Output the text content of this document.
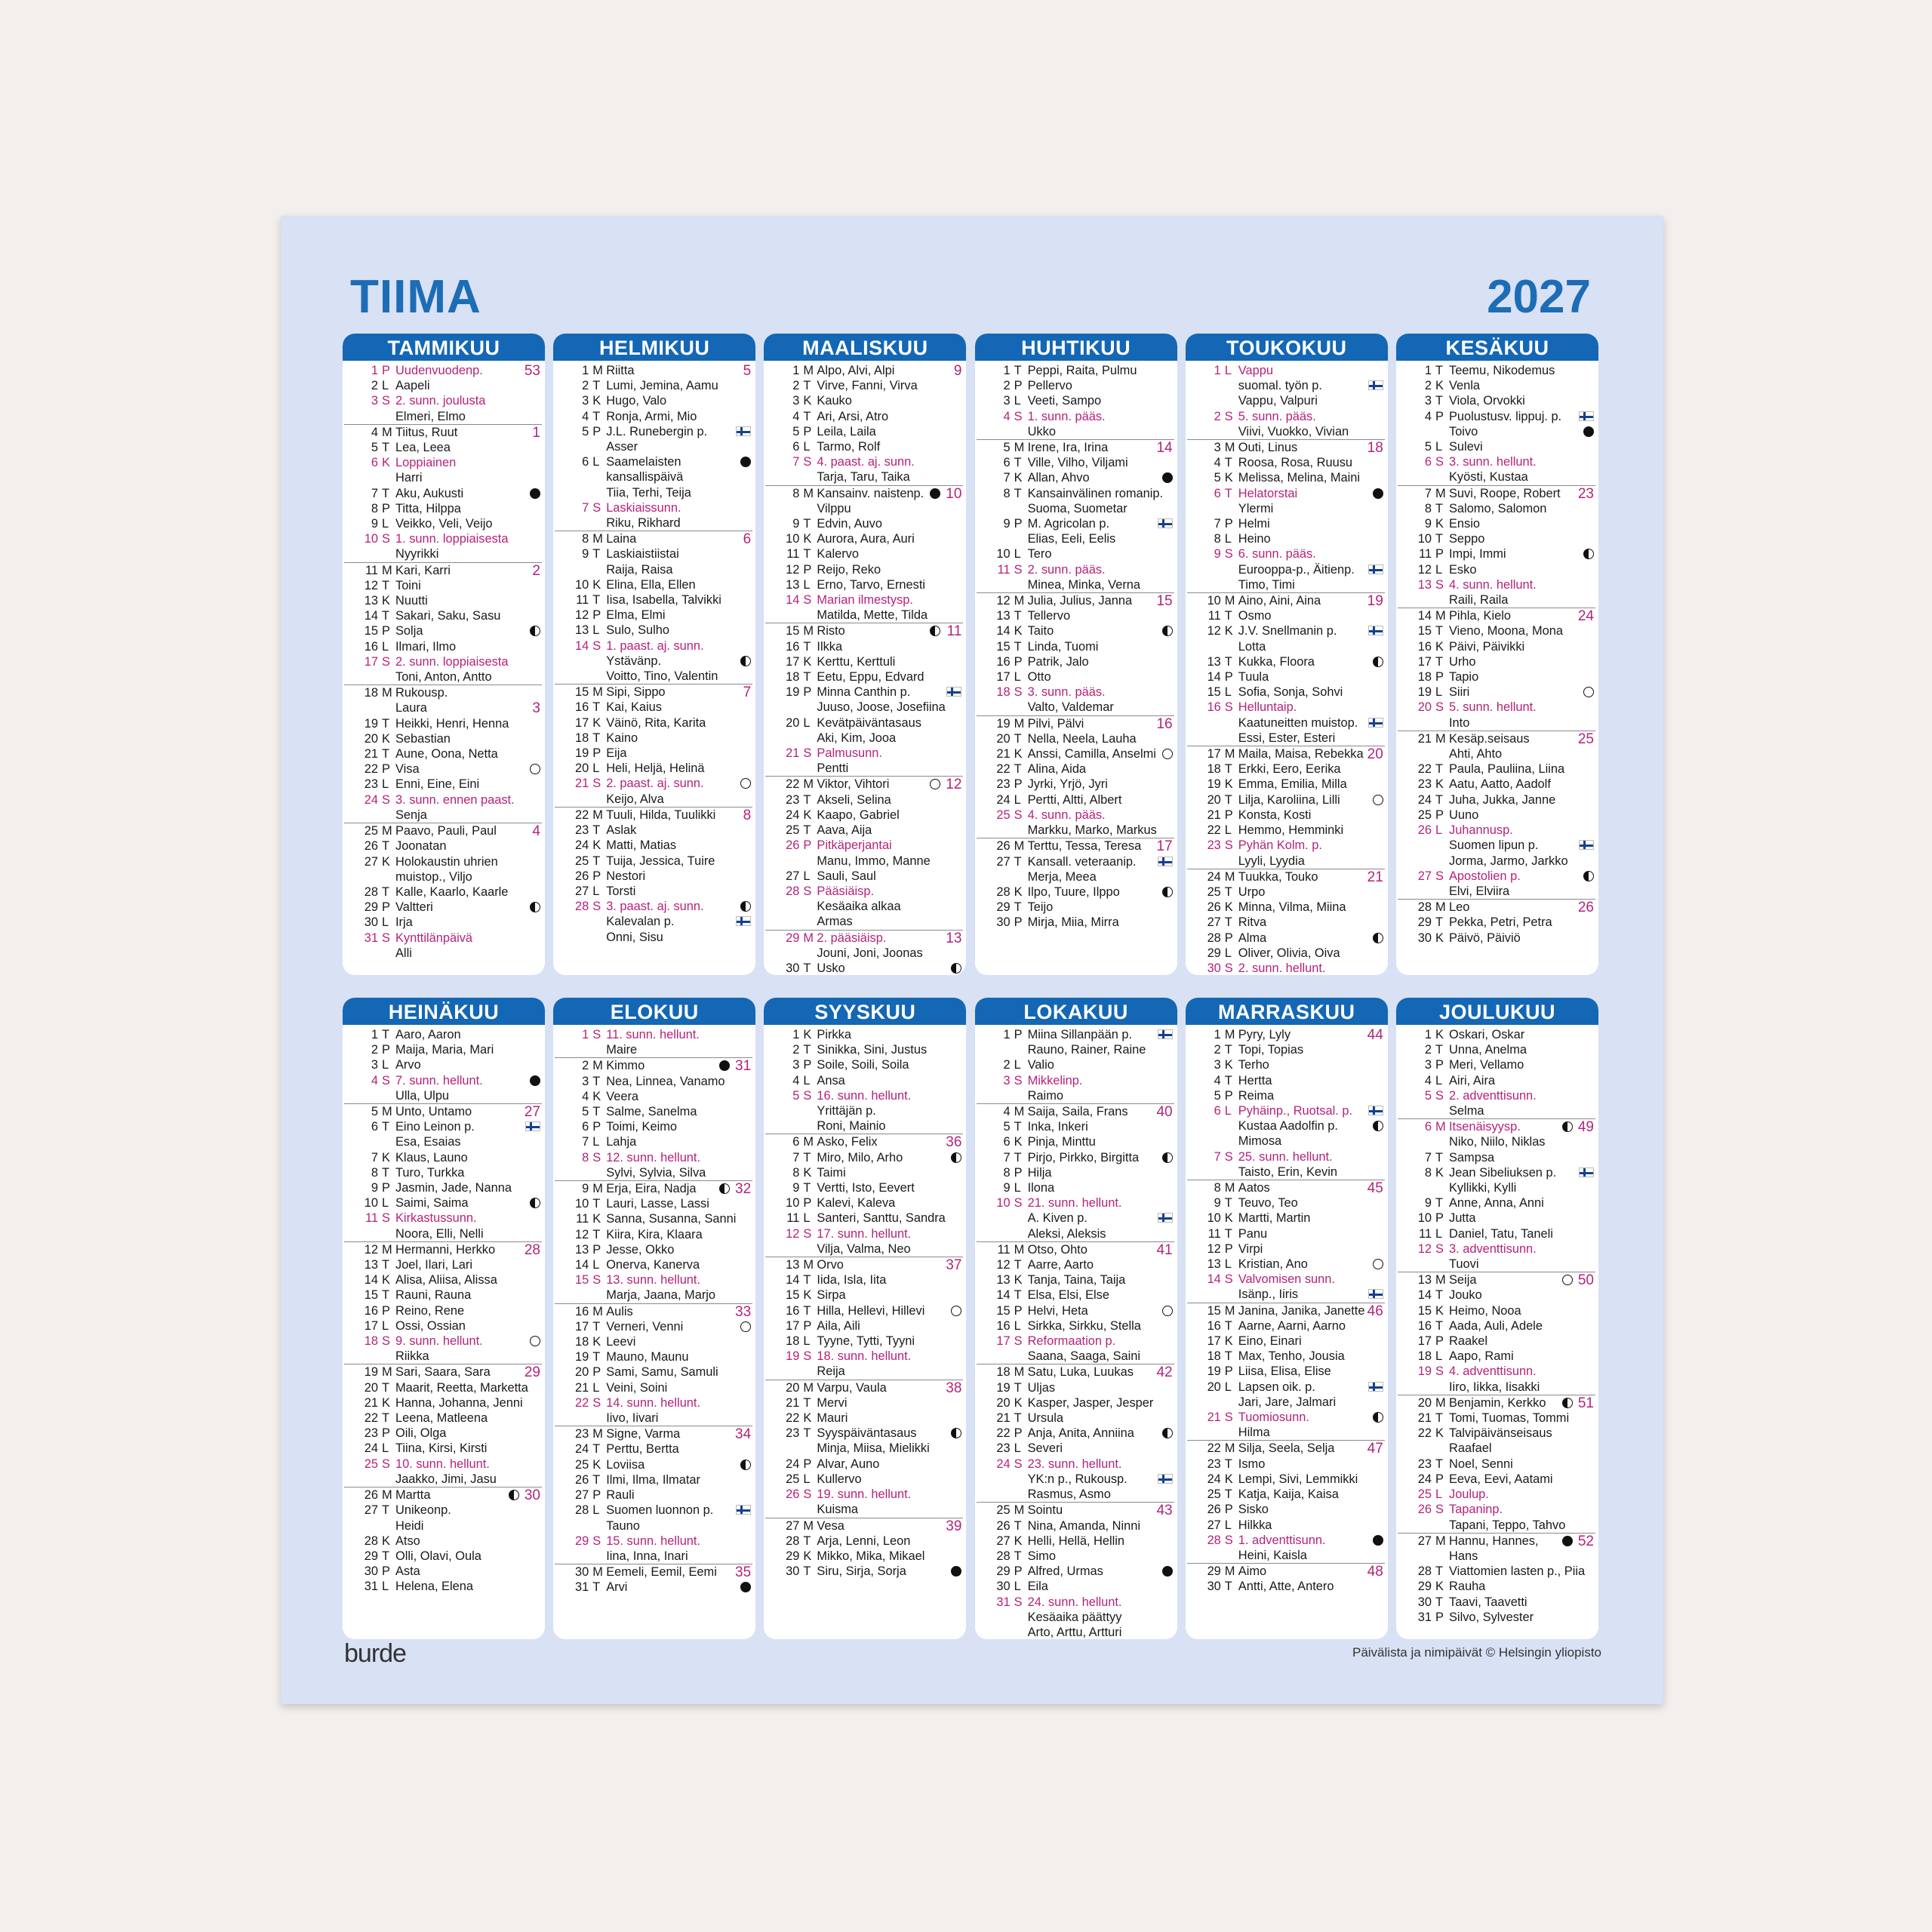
TIIMA	2027
TAMMIKUU
1 P Uudenvuodenp.	53
2 L Aapeli
3 S 2. sunn. joulusta
Elmeri, Elmo
4 M Tiitus, Ruut	1
5 T Lea, Leea
6 K Loppiainen
Harri
7 T Aku, Aukusti
8 P Titta, Hilppa
9 L Veikko, Veli, Veijo
10 S 1. sunn. loppiaisesta
Nyyrikki
11 M Kari, Karri	2
12 T Toini
13 K Nuutti
14 T Sakari, Saku, Sasu
15 P Solja
16 L Ilmari, Ilmo
17 S 2. sunn. loppiaisesta
Toni, Anton, Antto
18 M Rukousp.
Laura	3
19 T Heikki, Henri, Henna
20 K Sebastian
21 T Aune, Oona, Netta
22 P Visa
23 L Enni, Eine, Eini
24 S 3. sunn. ennen paast.
Senja
25 M Paavo, Pauli, Paul	4
26 T Joonatan
27 K Holokaustin uhrien
muistop., Viljo
28 T Kalle, Kaarlo, Kaarle
29 P Valtteri
30 L Irja
31 S Kynttilänpäivä
Alli
HELMIKUU
1 M Riitta	5
2 T Lumi, Jemina, Aamu
3 K Hugo, Valo
4 T Ronja, Armi, Mio
5 P J.L. Runebergin p.
Asser
6 L Saamelaisten
kansallispäivä
Tiia, Terhi, Teija
7 S Laskiaissunn.
Riku, Rikhard
8 M Laina	6
9 T Laskiaistiistai
Raija, Raisa
10 K Elina, Ella, Ellen
11 T Iisa, Isabella, Talvikki
12 P Elma, Elmi
13 L Sulo, Sulho
14 S 1. paast. aj. sunn.
Ystävänp.
Voitto, Tino, Valentin
15 M Sipi, Sippo	7
16 T Kai, Kaius
17 K Väinö, Rita, Karita
18 T Kaino
19 P Eija
20 L Heli, Heljä, Helinä
21 S 2. paast. aj. sunn.
Keijo, Alva
22 M Tuuli, Hilda, Tuulikki	8
23 T Aslak
24 K Matti, Matias
25 T Tuija, Jessica, Tuire
26 P Nestori
27 L Torsti
28 S 3. paast. aj. sunn.
Kalevalan p.
Onni, Sisu
MAALISKUU
1 M Alpo, Alvi, Alpi	9
2 T Virve, Fanni, Virva
3 K Kauko
4 T Ari, Arsi, Atro
5 P Leila, Laila
6 L Tarmo, Rolf
7 S 4. paast. aj. sunn.
Tarja, Taru, Taika
8 M Kansainv. naistenp.	10
Vilppu
9 T Edvin, Auvo
10 K Aurora, Aura, Auri
11 T Kalervo
12 P Reijo, Reko
13 L Erno, Tarvo, Ernesti
14 S Marian ilmestysp.
Matilda, Mette, Tilda
15 M Risto	11
16 T Ilkka
17 K Kerttu, Kerttuli
18 T Eetu, Eppu, Edvard
19 P Minna Canthin p.
Juuso, Joose, Josefiina
20 L Kevätpäiväntasaus
Aki, Kim, Jooa
21 S Palmusunn.
Pentti
22 M Viktor, Vihtori	12
23 T Akseli, Selina
24 K Kaapo, Gabriel
25 T Aava, Aija
26 P Pitkäperjantai
Manu, Immo, Manne
27 L Sauli, Saul
28 S Pääsiäisp.
Kesäaika alkaa
Armas
29 M 2. pääsiäisp.	13
Jouni, Joni, Joonas
30 T Usko
HUHTIKUU
1 T Peppi, Raita, Pulmu
2 P Pellervo
3 L Veeti, Sampo
4 S 1. sunn. pääs.
Ukko
5 M Irene, Ira, Irina	14
6 T Ville, Vilho, Viljami
7 K Allan, Ahvo
8 T Kansainvälinen romanip.
Suoma, Suometar
9 P M. Agricolan p.
Elias, Eeli, Eelis
10 L Tero
11 S 2. sunn. pääs.
Minea, Minka, Verna
12 M Julia, Julius, Janna	15
13 T Tellervo
14 K Taito
15 T Linda, Tuomi
16 P Patrik, Jalo
17 L Otto
18 S 3. sunn. pääs.
Valto, Valdemar
19 M Pilvi, Pälvi	16
20 T Nella, Neela, Lauha
21 K Anssi, Camilla, Anselmi
22 T Alina, Aida
23 P Jyrki, Yrjö, Jyri
24 L Pertti, Altti, Albert
25 S 4. sunn. pääs.
Markku, Marko, Markus
26 M Terttu, Tessa, Teresa	17
27 T Kansall. veteraanip.
Merja, Meea
28 K Ilpo, Tuure, Ilppo
29 T Teijo
30 P Mirja, Miia, Mirra
TOUKOKUU
1 L Vappu
suomal. työn p.
Vappu, Valpuri
2 S 5. sunn. pääs.
Viivi, Vuokko, Vivian
3 M Outi, Linus	18
4 T Roosa, Rosa, Ruusu
5 K Melissa, Melina, Maini
6 T Helatorstai
Ylermi
7 P Helmi
8 L Heino
9 S 6. sunn. pääs.
Eurooppa-p., Äitienp.
Timo, Timi
10 M Aino, Aini, Aina	19
11 T Osmo
12 K J.V. Snellmanin p.
Lotta
13 T Kukka, Floora
14 P Tuula
15 L Sofia, Sonja, Sohvi
16 S Helluntaip.
Kaatuneitten muistop.
Essi, Ester, Esteri
17 M Maila, Maisa, Rebekka 20
18 T Erkki, Eero, Eerika
19 K Emma, Emilia, Milla
20 T Lilja, Karoliina, Lilli
21 P Konsta, Kosti
22 L Hemmo, Hemminki
23 S Pyhän Kolm. p.
Lyyli, Lyydia
24 M Tuukka, Touko	21
25 T Urpo
26 K Minna, Vilma, Miina
27 T Ritva
28 P Alma
29 L Oliver, Olivia, Oiva
30 S 2. sunn. hellunt.
KESÄKUU
1 T Teemu, Nikodemus
2 K Venla
3 T Viola, Orvokki
4 P Puolustusv. lippuj. p.
Toivo
5 L Sulevi
6 S 3. sunn. hellunt.
Kyösti, Kustaa
7 M Suvi, Roope, Robert	23
8 T Salomo, Salomon
9 K Ensio
10 T Seppo
11 P Impi, Immi
12 L Esko
13 S 4. sunn. hellunt.
Raili, Raila
14 M Pihla, Kielo	24
15 T Vieno, Moona, Mona
16 K Päivi, Päivikki
17 T Urho
18 P Tapio
19 L Siiri
20 S 5. sunn. hellunt.
Into
21 M Kesäp.seisaus	25
Ahti, Ahto
22 T Paula, Pauliina, Liina
23 K Aatu, Aatto, Aadolf
24 T Juha, Jukka, Janne
25 P Uuno
26 L Juhannusp.
Suomen lipun p.
Jorma, Jarmo, Jarkko
27 S Apostolien p.
Elvi, Elviira
28 M Leo	26
29 T Pekka, Petri, Petra
30 K Päivö, Päiviö
HEINÄKUU
1 T Aaro, Aaron
2 P Maija, Maria, Mari
3 L Arvo
4 S 7. sunn. hellunt.
Ulla, Ulpu
5 M Unto, Untamo	27
6 T Eino Leinon p.
Esa, Esaias
7 K Klaus, Launo
8 T Turo, Turkka
9 P Jasmin, Jade, Nanna
10 L Saimi, Saima
11 S Kirkastussunn.
Noora, Elli, Nelli
12 M Hermanni, Herkko	28
13 T Joel, Ilari, Lari
14 K Alisa, Aliisa, Alissa
15 T Rauni, Rauna
16 P Reino, Rene
17 L Ossi, Ossian
18 S 9. sunn. hellunt.
Riikka
19 M Sari, Saara, Sara	29
20 T Maarit, Reetta, Marketta
21 K Hanna, Johanna, Jenni
22 T Leena, Matleena
23 P Oili, Olga
24 L Tiina, Kirsi, Kirsti
25 S 10. sunn. hellunt.
Jaakko, Jimi, Jasu
26 M Martta	30
27 T Unikeonp.
Heidi
28 K Atso
29 T Olli, Olavi, Oula
30 P Asta
31 L Helena, Elena
ELOKUU
1 S 11. sunn. hellunt.
Maire
2 M Kimmo	31
3 T Nea, Linnea, Vanamo
4 K Veera
5 T Salme, Sanelma
6 P Toimi, Keimo
7 L Lahja
8 S 12. sunn. hellunt.
Sylvi, Sylvia, Silva
9 M Erja, Eira, Nadja	32
10 T Lauri, Lasse, Lassi
11 K Sanna, Susanna, Sanni
12 T Kiira, Kira, Klaara
13 P Jesse, Okko
14 L Onerva, Kanerva
15 S 13. sunn. hellunt.
Marja, Jaana, Marjo
16 M Aulis	33
17 T Verneri, Venni
18 K Leevi
19 T Mauno, Maunu
20 P Sami, Samu, Samuli
21 L Veini, Soini
22 S 14. sunn. hellunt.
Iivo, Iivari
23 M Signe, Varma	34
24 T Perttu, Bertta
25 K Loviisa
26 T Ilmi, Ilma, Ilmatar
27 P Rauli
28 L Suomen luonnon p.
Tauno
29 S 15. sunn. hellunt.
Iina, Inna, Inari
30 M Eemeli, Eemil, Eemi	35
31 T Arvi
SYYSKUU
1 K Pirkka
2 T Sinikka, Sini, Justus
3 P Soile, Soili, Soila
4 L Ansa
5 S 16. sunn. hellunt.
Yrittäjän p.
Roni, Mainio
6 M Asko, Felix	36
7 T Miro, Milo, Arho
8 K Taimi
9 T Vertti, Isto, Eevert
10 P Kalevi, Kaleva
11 L Santeri, Santtu, Sandra
12 S 17. sunn. hellunt.
Vilja, Valma, Neo
13 M Orvo	37
14 T Iida, Isla, Iita
15 K Sirpa
16 T Hilla, Hellevi, Hillevi
17 P Aila, Aili
18 L Tyyne, Tytti, Tyyni
19 S 18. sunn. hellunt.
Reija
20 M Varpu, Vaula	38
21 T Mervi
22 K Mauri
23 T Syyspäiväntasaus
Minja, Miisa, Mielikki
24 P Alvar, Auno
25 L Kullervo
26 S 19. sunn. hellunt.
Kuisma
27 M Vesa	39
28 T Arja, Lenni, Leon
29 K Mikko, Mika, Mikael
30 T Siru, Sirja, Sorja
LOKAKUU
1 P Miina Sillanpään p.
Rauno, Rainer, Raine
2 L Valio
3 S Mikkelinp.
Raimo
4 M Saija, Saila, Frans	40
5 T Inka, Inkeri
6 K Pinja, Minttu
7 T Pirjo, Pirkko, Birgitta
8 P Hilja
9 L Ilona
10 S 21. sunn. hellunt.
A. Kiven p.
Aleksi, Aleksis
11 M Otso, Ohto	41
12 T Aarre, Aarto
13 K Tanja, Taina, Taija
14 T Elsa, Elsi, Else
15 P Helvi, Heta
16 L Sirkka, Sirkku, Stella
17 S Reformaation p.
Saana, Saaga, Saini
18 M Satu, Luka, Luukas	42
19 T Uljas
20 K Kasper, Jasper, Jesper
21 T Ursula
22 P Anja, Anita, Anniina
23 L Severi
24 S 23. sunn. hellunt.
YK:n p., Rukousp.
Rasmus, Asmo
25 M Sointu	43
26 T Nina, Amanda, Ninni
27 K Helli, Hellä, Hellin
28 T Simo
29 P Alfred, Urmas
30 L Eila
31 S 24. sunn. hellunt.
Kesäaika päättyy
Arto, Arttu, Artturi
MARRASKUU
1 M Pyry, Lyly	44
2 T Topi, Topias
3 K Terho
4 T Hertta
5 P Reima
6 L Pyhäinp., Ruotsal. p.
Kustaa Aadolfin p.
Mimosa
7 S 25. sunn. hellunt.
Taisto, Erin, Kevin
8 M Aatos	45
9 T Teuvo, Teo
10 K Martti, Martin
11 T Panu
12 P Virpi
13 L Kristian, Ano
14 S Valvomisen sunn.
Isänp., Iiris
15 M Janina, Janika, Janette 46
16 T Aarne, Aarni, Aarno
17 K Eino, Einari
18 T Max, Tenho, Jousia
19 P Liisa, Elisa, Elise
20 L Lapsen oik. p.
Jari, Jare, Jalmari
21 S Tuomiosunn.
Hilma
22 M Silja, Seela, Selja	47
23 T Ismo
24 K Lempi, Sivi, Lemmikki
25 T Katja, Kaija, Kaisa
26 P Sisko
27 L Hilkka
28 S 1. adventtisunn.
Heini, Kaisla
29 M Aimo	48
30 T Antti, Atte, Antero
JOULUKUU
1 K Oskari, Oskar
2 T Unna, Anelma
3 P Meri, Vellamo
4 L Airi, Aira
5 S 2. adventtisunn.
Selma
6 M Itsenäisyysp.	49
Niko, Niilo, Niklas
7 T Sampsa
8 K Jean Sibeliuksen p.
Kyllikki, Kylli
9 T Anne, Anna, Anni
10 P Jutta
11 L Daniel, Tatu, Taneli
12 S 3. adventtisunn.
Tuovi
13 M Seija	50
14 T Jouko
15 K Heimo, Nooa
16 T Aada, Auli, Adele
17 P Raakel
18 L Aapo, Rami
19 S 4. adventtisunn.
Iiro, Iikka, Iisakki
20 M Benjamin, Kerkko	51
21 T Tomi, Tuomas, Tommi
22 K Talvipäivänseisaus
Raafael
23 T Noel, Senni
24 P Eeva, Eevi, Aatami
25 L Joulup.
26 S Tapaninp.
Tapani, Teppo, Tahvo
27 M Hannu, Hannes,	52
Hans
28 T Viattomien lasten p., Piia
29 K Rauha
30 T Taavi, Taavetti
31 P Silvo, Sylvester
burde	Päivälista ja nimipäivät © Helsingin yliopisto
